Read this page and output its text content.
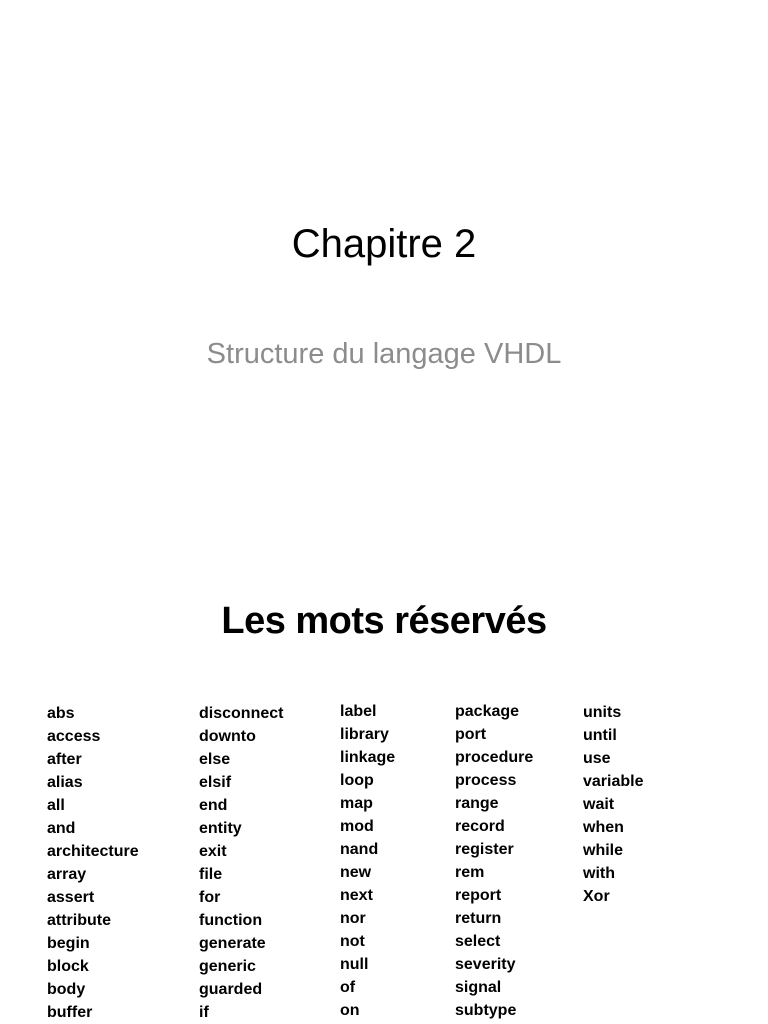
Chapitre 2
Structure du langage VHDL
Les mots réservés
abs
access
after
alias
all
and
architecture
array
assert
attribute
begin
block
body
buffer
disconnect
downto
else
elsif
end
entity
exit
file
for
function
generate
generic
guarded
if
label
library
linkage
loop
map
mod
nand
new
next
nor
not
null
of
on
package
port
procedure
process
range
record
register
rem
report
return
select
severity
signal
subtype
units
until
use
variable
wait
when
while
with
Xor
